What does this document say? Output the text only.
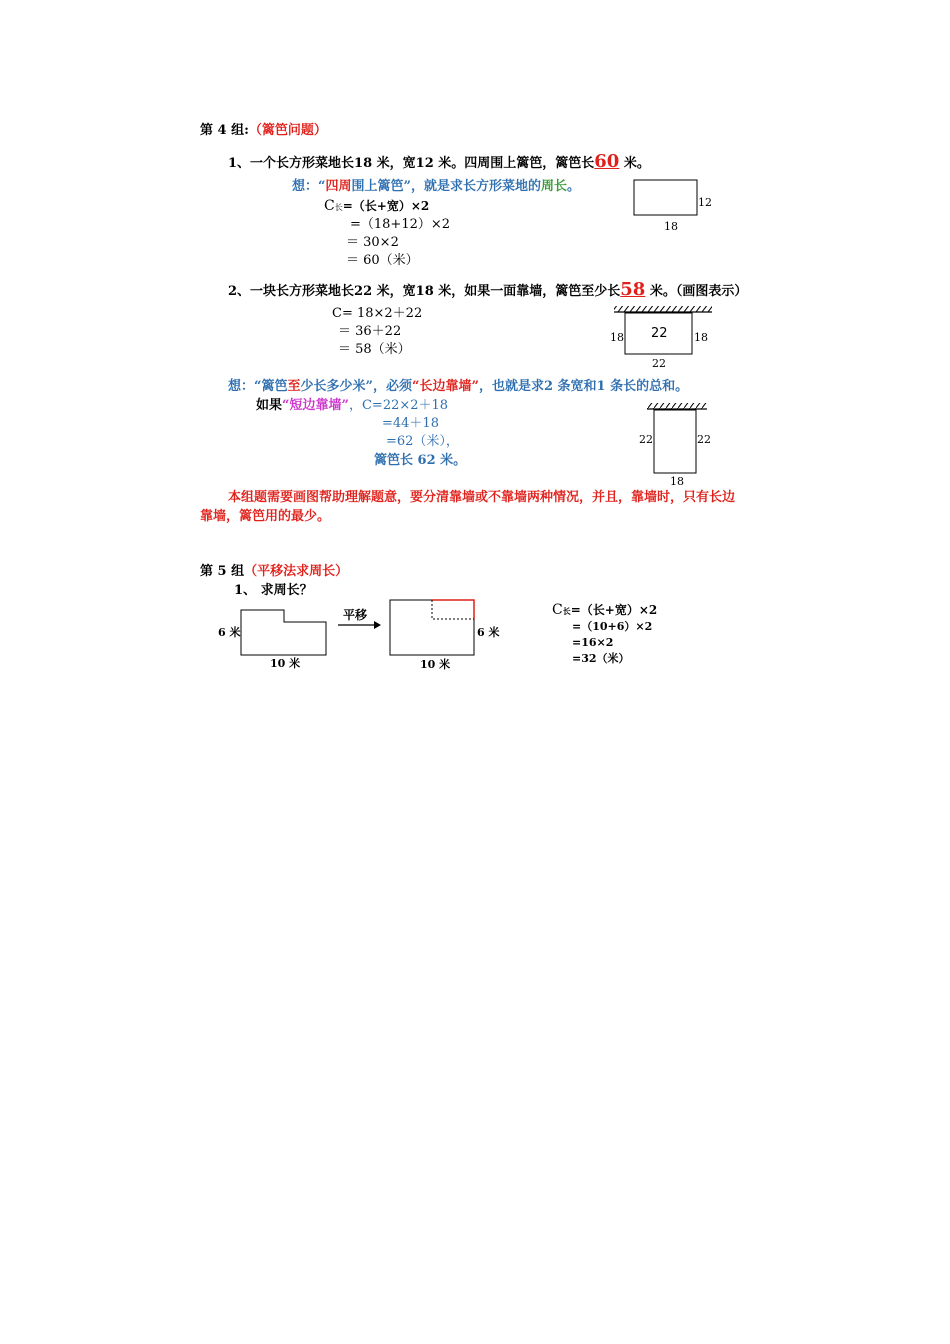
第 4 组:（篱笆问题）
1、一个长方形菜地长18 米，宽12 米。四周围上篱笆，篱笆长60 米。
想：“四周围上篱笆”，就是求长方形菜地的周长。
C长=（长+宽）×2
=（18+12）×2
＝ 30×2
＝ 60（米）
2、一块长方形菜地长22 米，宽18 米，如果一面靠墙，篱笆至少长58 米。（画图表示）
C= 18×2＋22
＝ 36＋22
＝ 58（米）
想：“篱笆至少长多少米”，必须“长边靠墙”，也就是求2 条宽和1 条长的总和。
如果“短边靠墙”，C=22×2＋18
=44＋18
=62（米），
篱笆长 62 米。
本组题需要画图帮助理解题意，要分清靠墙或不靠墙两种情况，并且，靠墙时，只有长边
靠墙，篱笆用的最少。
第 5 组（平移法求周长）
1、 求周长？
C长=（长+宽）×2
=（10+6）×2
=16×2
=32（米）
12
18
22
18	18
22
22	22
18
6 米
10 米
平移
6 米
10 米
